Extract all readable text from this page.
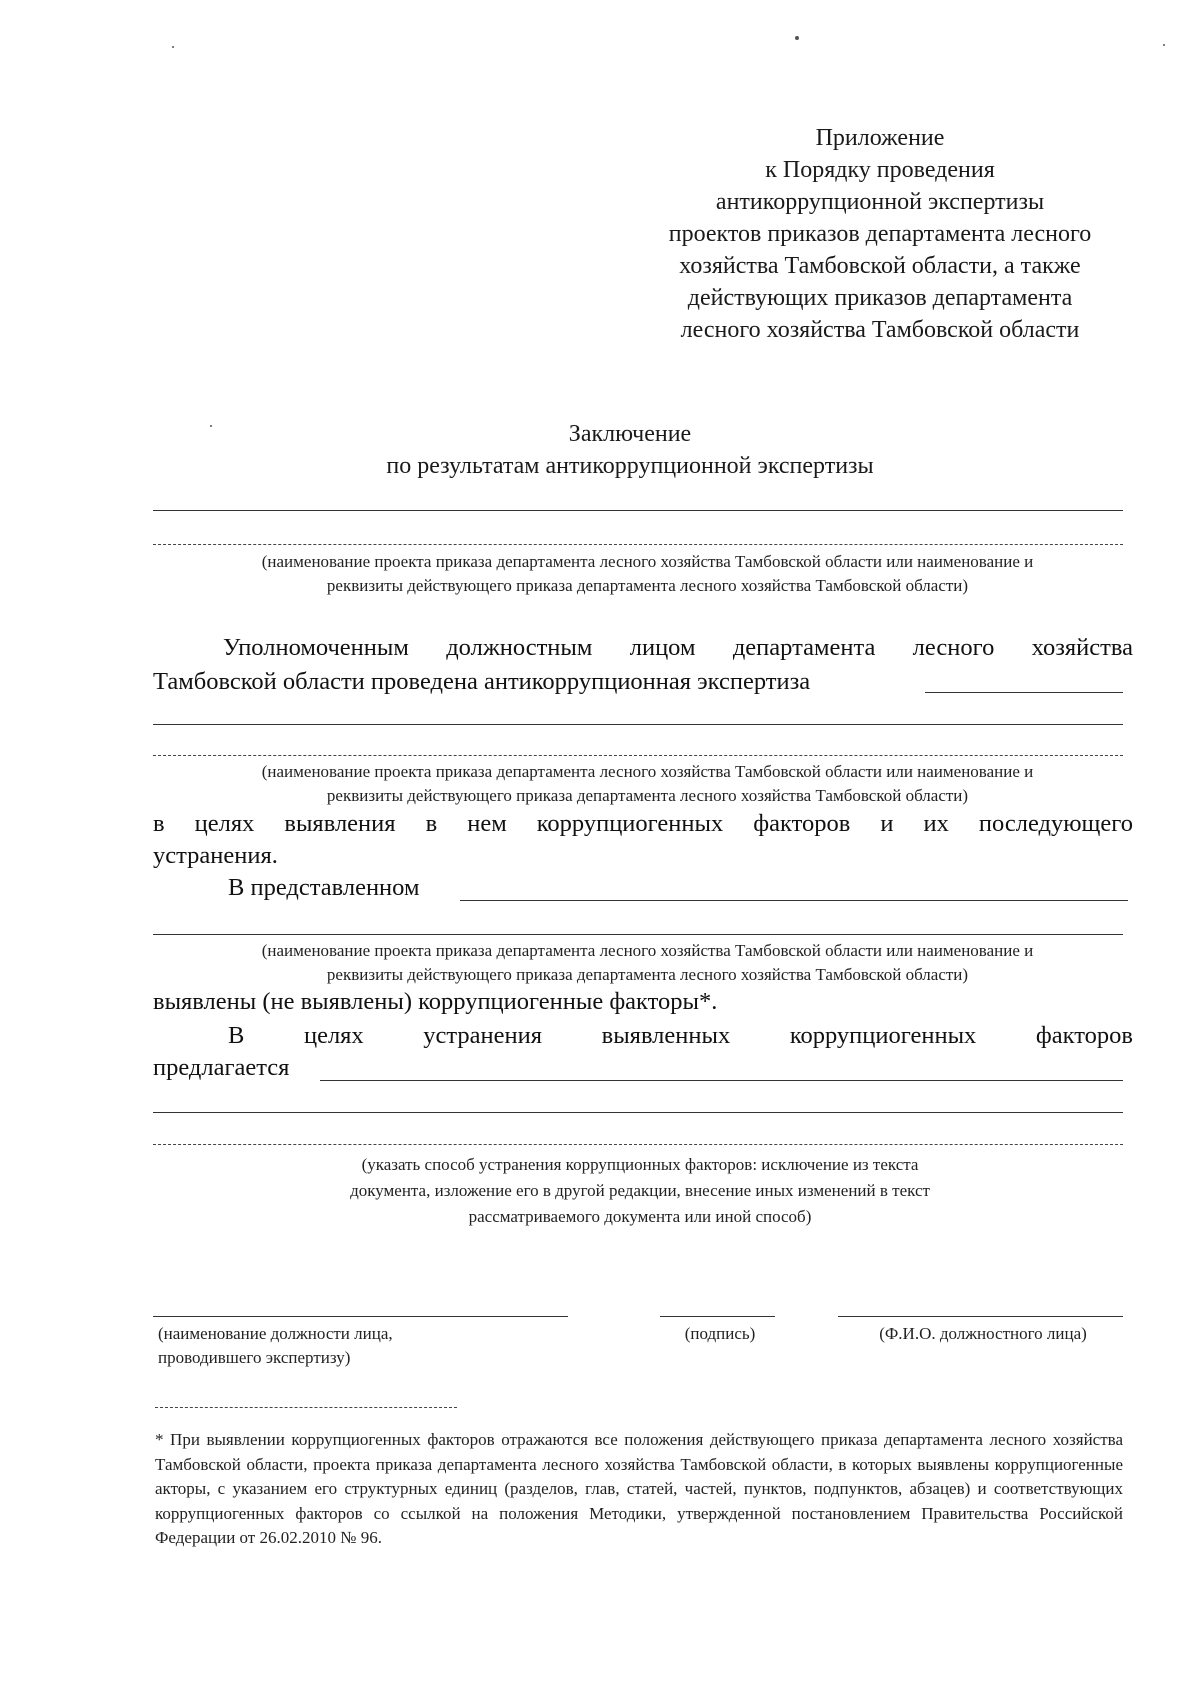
Приложение
к Порядку проведения
антикоррупционной экспертизы
проектов приказов департамента лесного
хозяйства Тамбовской области, а также
действующих приказов департамента
лесного хозяйства Тамбовской области
Заключение
по результатам антикоррупционной экспертизы
(наименование проекта приказа департамента лесного хозяйства Тамбовской области или наименование и
реквизиты действующего приказа департамента лесного хозяйства Тамбовской области)
Уполномоченным должностным лицом департамента лесного хозяйства
Тамбовской области проведена антикоррупционная экспертиза
(наименование проекта приказа департамента лесного хозяйства Тамбовской области или наименование и
реквизиты действующего приказа департамента лесного хозяйства Тамбовской области)
в целях выявления в нем коррупциогенных факторов и их последующего
устранения.
В представленном
(наименование проекта приказа департамента лесного хозяйства Тамбовской области или наименование и
реквизиты действующего приказа департамента лесного хозяйства Тамбовской области)
выявлены (не выявлены) коррупциогенные факторы*.
В целях устранения выявленных коррупциогенных факторов
предлагается
(указать способ устранения коррупционных факторов: исключение из текста
документа, изложение его в другой редакции, внесение иных изменений в текст
рассматриваемого документа или иной способ)
(наименование должности лица,
проводившего экспертизу)
(подпись)	(Ф.И.О. должностного лица)
* При выявлении коррупциогенных факторов отражаются все положения действующего приказа департамента лесного хозяйства Тамбовской области, проекта приказа департамента лесного хозяйства Тамбовской области, в которых выявлены коррупциогенные акторы, с указанием его структурных единиц (разделов, глав, статей, частей, пунктов, подпунктов, абзацев) и соответствующих коррупциогенных факторов со ссылкой на положения Методики, утвержденной постановлением Правительства Российской Федерации от 26.02.2010 № 96.
